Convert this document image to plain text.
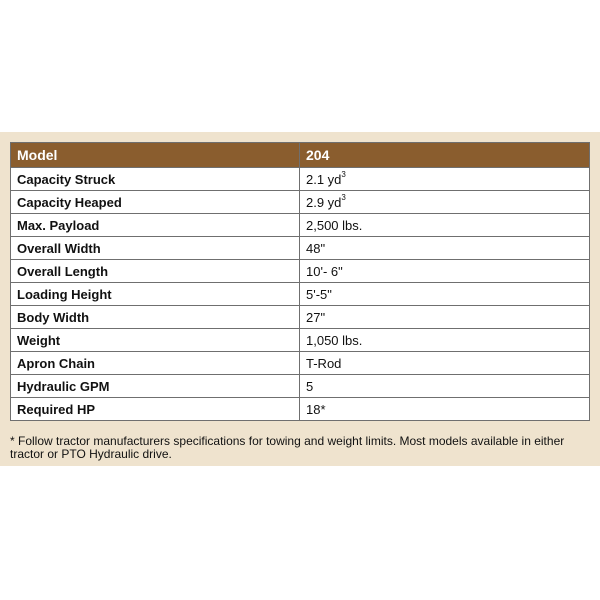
Model	204
Capacity Struck	2.1 $yd^3$
Capacity Heaped	2.9 $yd^3$
Max. Payload	2,500 lbs.
Overall Width	48"
Overall Length	10'- 6"
Loading Height	5'-5"
Body Width	27"
Weight	1,050 lbs.
Apron Chain	T-Rod
Hydraulic GPM	5
Required HP	18*
* Follow tractor manufacturers specifications for towing and weight limits. Most models available in either tractor or PTO Hydraulic drive.
